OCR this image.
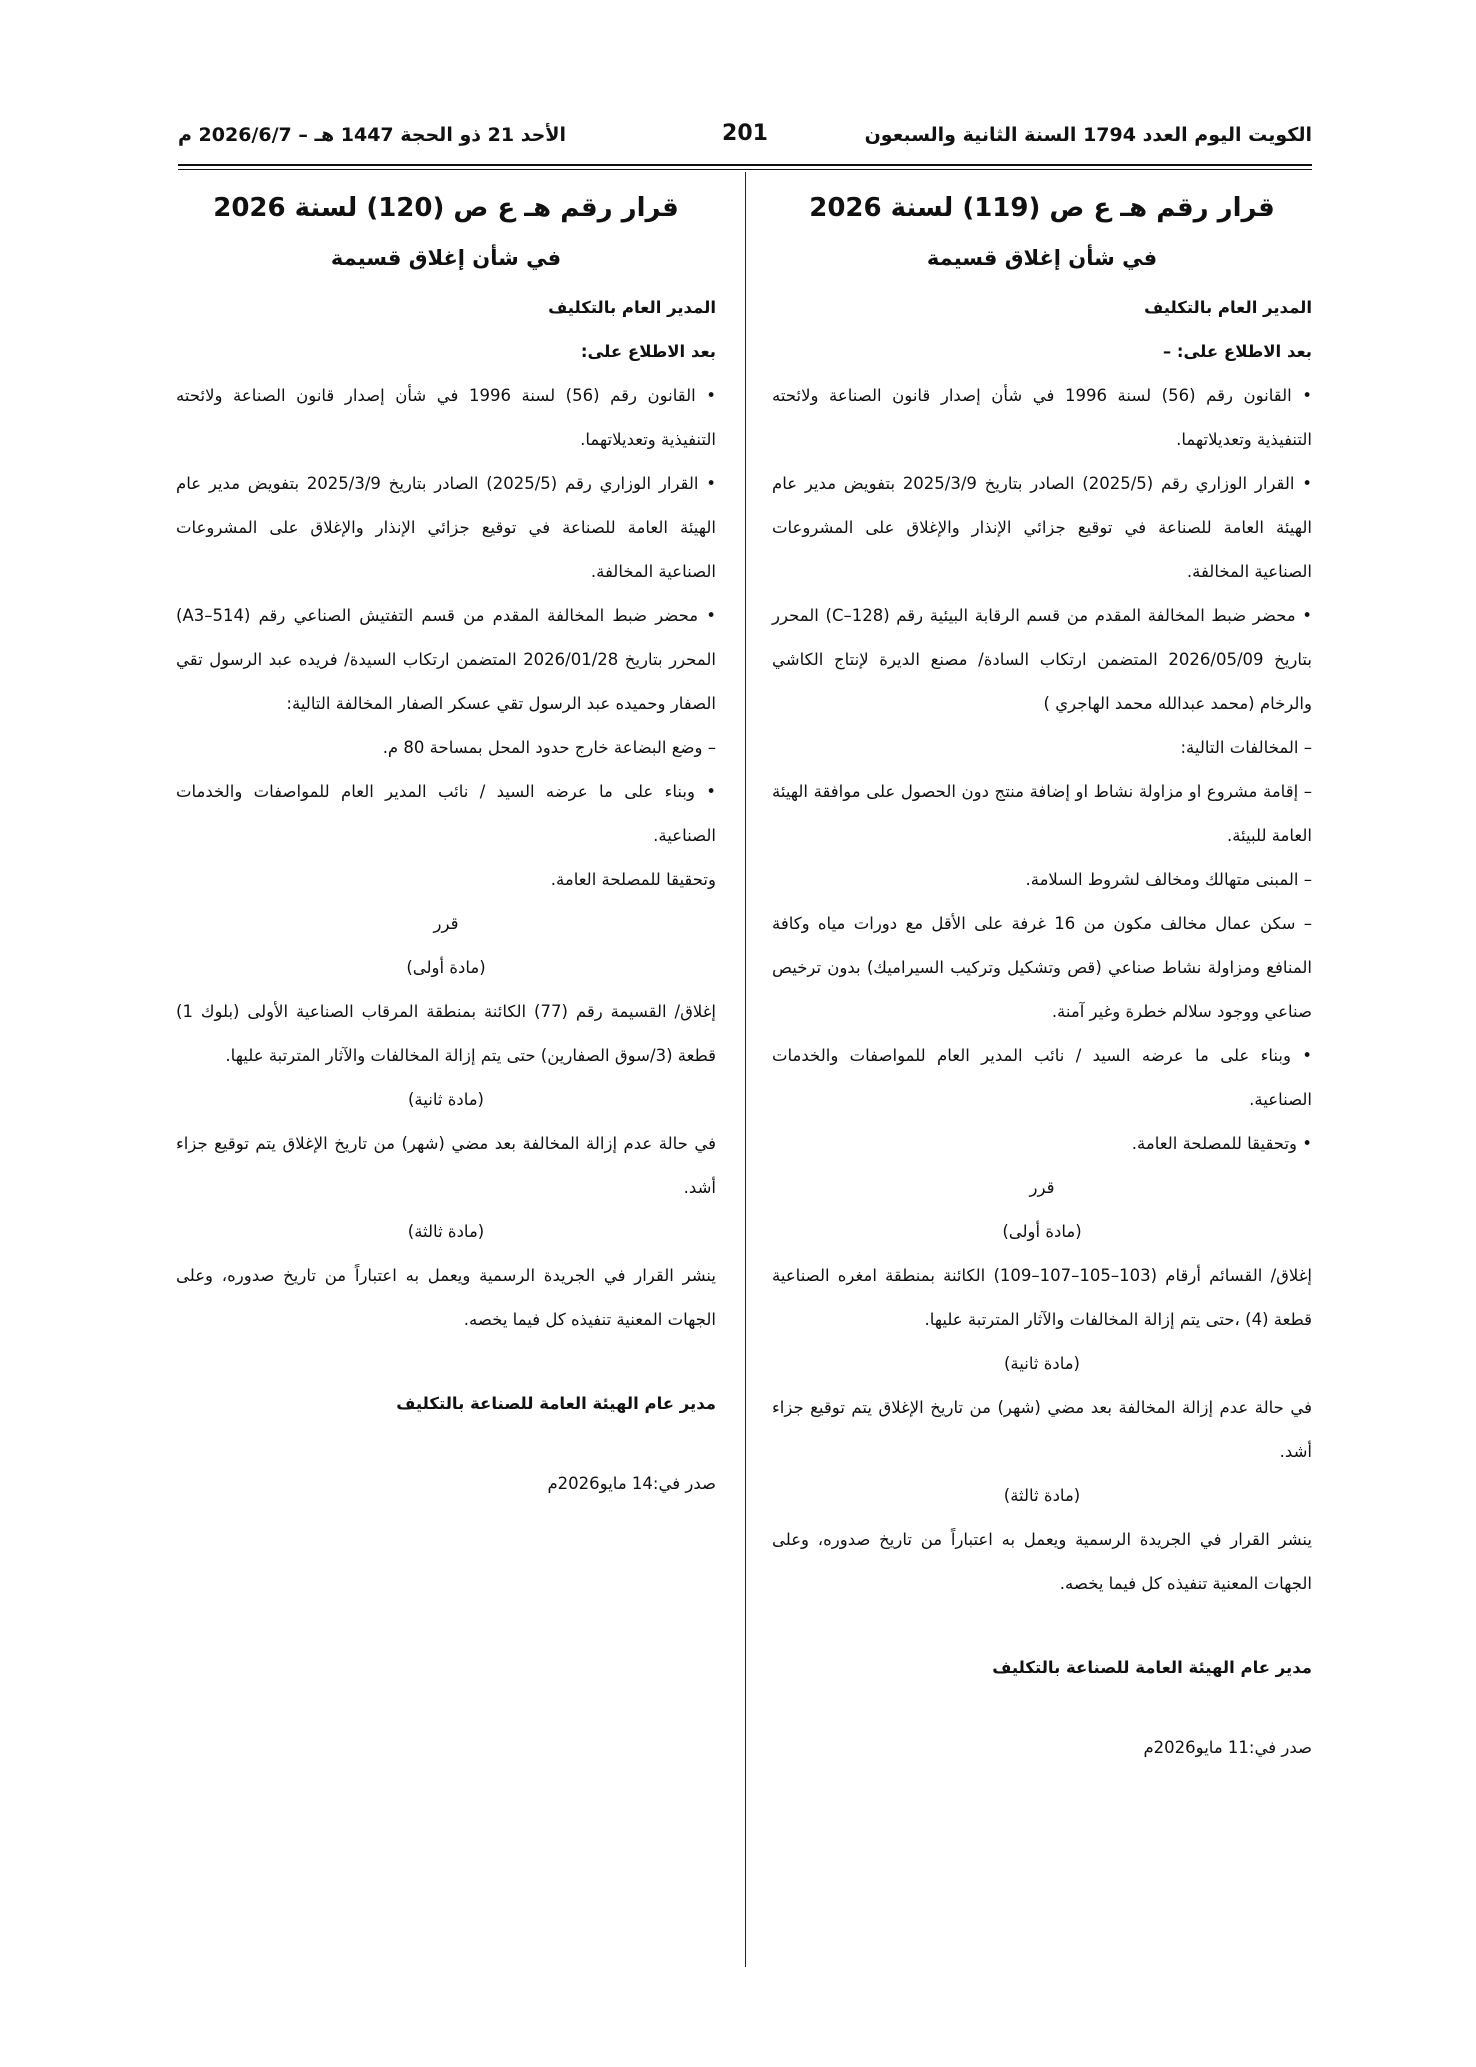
الكويت اليوم العدد 1794 السنة الثانية والسبعون
201
الأحد 21 ذو الحجة 1447 هـ – 2026/6/7 م
قرار رقم هـ ع ص (119) لسنة 2026
في شأن إغلاق قسيمة

المدير العام بالتكليف

بعد الاطلاع على: –

• القانون رقم (56) لسنة 1996 في شأن إصدار قانون الصناعة ولائحته التنفيذية وتعديلاتهما.

• القرار الوزاري رقم (2025/5) الصادر بتاريخ 2025/3/9 بتفويض مدير عام الهيئة العامة للصناعة في توقيع جزائي الإنذار والإغلاق على المشروعات الصناعية المخالفة.

• محضر ضبط المخالفة المقدم من قسم الرقابة البيئية رقم (C–128) المحرر بتاريخ 2026/05/09 المتضمن ارتكاب السادة/ مصنع الديرة لإنتاج الكاشي والرخام (محمد عبدالله محمد الهاجري )

– المخالفات التالية:

– إقامة مشروع او مزاولة نشاط او إضافة منتج دون الحصول على موافقة الهيئة العامة للبيئة.

– المبنى متهالك ومخالف لشروط السلامة.

– سكن عمال مخالف مكون من 16 غرفة على الأقل مع دورات مياه وكافة المنافع ومزاولة نشاط صناعي (قص وتشكيل وتركيب السيراميك) بدون ترخيص صناعي ووجود سلالم خطرة وغير آمنة.

• وبناء على ما عرضه السيد / نائب المدير العام للمواصفات والخدمات الصناعية.

• وتحقيقا للمصلحة العامة.

قرر

(مادة أولى)

إغلاق/ القسائم أرقام (103–105–107–109) الكائنة بمنطقة امغره الصناعية قطعة (4) ،حتى يتم إزالة المخالفات والآثار المترتبة عليها.

(مادة ثانية)

في حالة عدم إزالة المخالفة بعد مضي (شهر) من تاريخ الإغلاق يتم توقيع جزاء أشد.

(مادة ثالثة)

ينشر القرار في الجريدة الرسمية ويعمل به اعتباراً من تاريخ صدوره، وعلى الجهات المعنية تنفيذه كل فيما يخصه.

مدير عام الهيئة العامة للصناعة بالتكليف

صدر في:11 مايو2026م

قرار رقم هـ ع ص (120) لسنة 2026
في شأن إغلاق قسيمة

المدير العام بالتكليف

بعد الاطلاع على:

• القانون رقم (56) لسنة 1996 في شأن إصدار قانون الصناعة ولائحته التنفيذية وتعديلاتهما.

• القرار الوزاري رقم (2025/5) الصادر بتاريخ 2025/3/9 بتفويض مدير عام الهيئة العامة للصناعة في توقيع جزائي الإنذار والإغلاق على المشروعات الصناعية المخالفة.

• محضر ضبط المخالفة المقدم من قسم التفتيش الصناعي رقم (A3–514) المحرر بتاريخ 2026/01/28 المتضمن ارتكاب السيدة/ فريده عبد الرسول تقي الصفار وحميده عبد الرسول تقي عسكر الصفار المخالفة التالية:

– وضع البضاعة خارج حدود المحل بمساحة 80 م.

• وبناء على ما عرضه السيد / نائب المدير العام للمواصفات والخدمات الصناعية.

وتحقيقا للمصلحة العامة.

قرر

(مادة أولى)

إغلاق/ القسيمة رقم (77) الكائنة بمنطقة المرقاب الصناعية الأولى (بلوك 1) قطعة (3/سوق الصفارين) حتى يتم إزالة المخالفات والآثار المترتبة عليها.

(مادة ثانية)

في حالة عدم إزالة المخالفة بعد مضي (شهر) من تاريخ الإغلاق يتم توقيع جزاء أشد.

(مادة ثالثة)

ينشر القرار في الجريدة الرسمية ويعمل به اعتباراً من تاريخ صدوره، وعلى الجهات المعنية تنفيذه كل فيما يخصه.

مدير عام الهيئة العامة للصناعة بالتكليف

صدر في:14 مايو2026م
